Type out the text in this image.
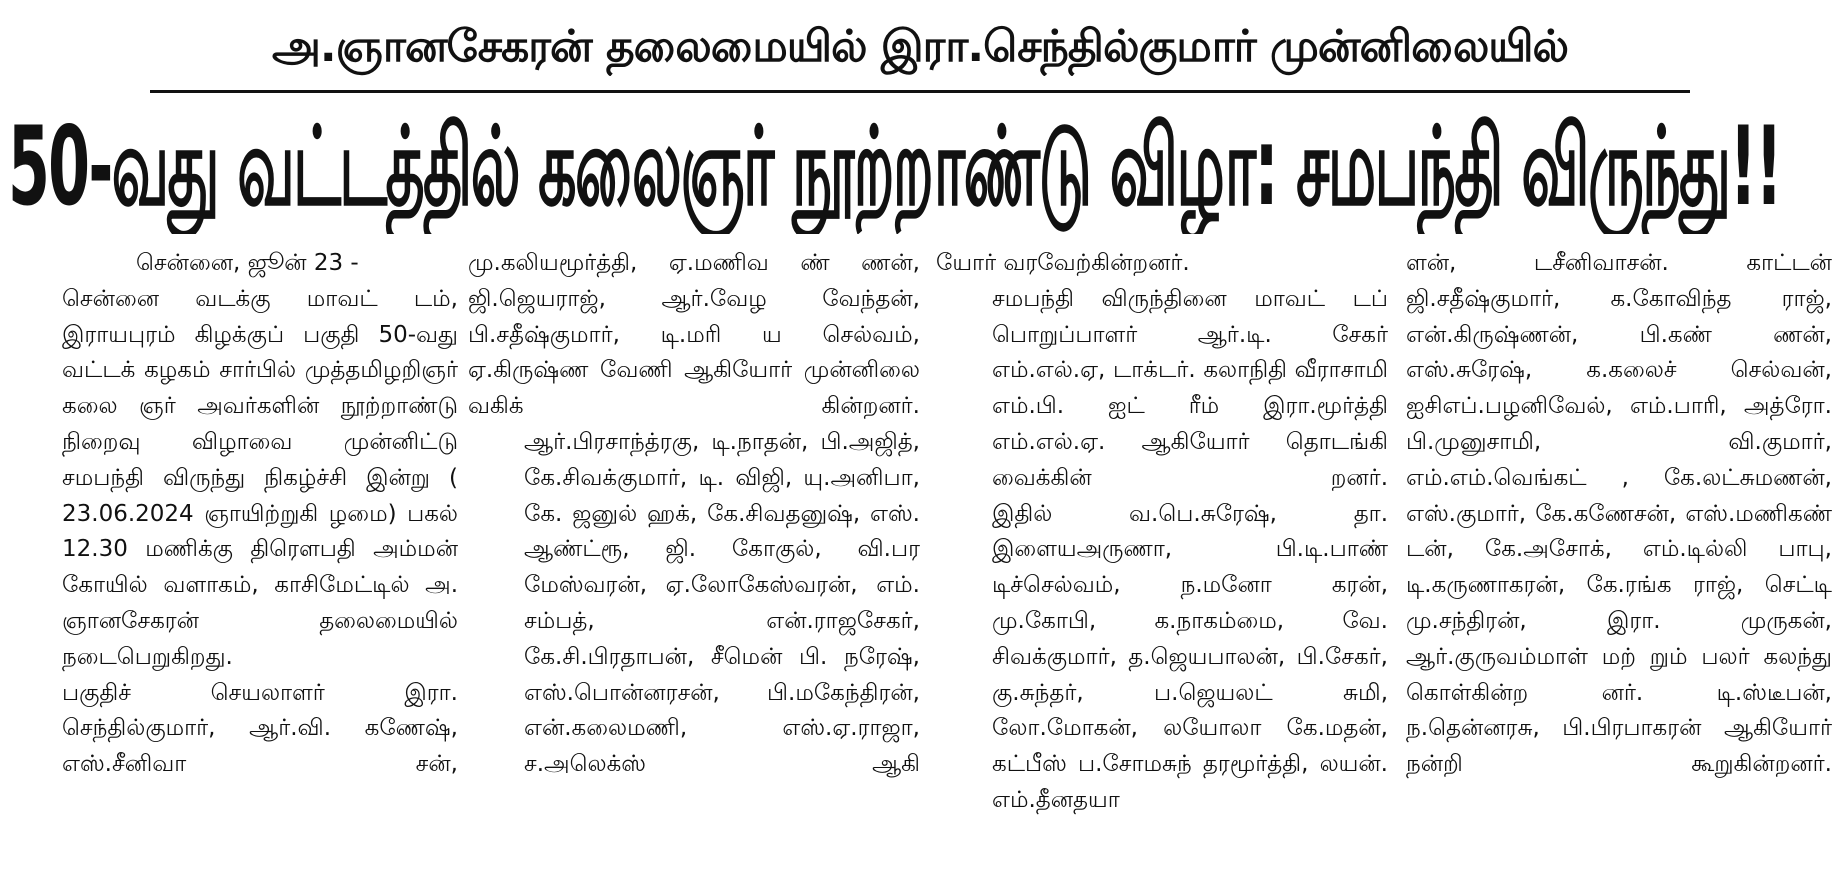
அ.ஞானசேகரன் தலைமையில் இரா.செந்தில்குமார் முன்னிலையில்
50-வது வட்டத்தில் கலைஞர் நூற்றாண்டு விழா: சமபந்தி விருந்து!!

சென்னை, ஜூன் 23 -

சென்னை வடக்கு மாவட் டம், இராயபுரம் கிழக்குப் பகுதி 50-வது வட்டக் கழகம் சார்பில் முத்தமிழறிஞர் கலை ஞர் அவர்களின் நூற்றாண்டு நிறைவு விழாவை முன்னிட்டு சமபந்தி விருந்து நிகழ்ச்சி இன்று ( 23.06.2024 ஞாயிற்றுகி ழமை) பகல் 12.30 மணிக்கு திரௌபதி அம்மன் கோயில் வளாகம், காசிமேட்டில் அ. ஞானசேகரன் தலைமையில் நடைபெறுகிறது.

பகுதிச் செயலாளர் இரா. செந்தில்குமார், ஆர்.வி. கணேஷ், எஸ்.சீனிவா சன்,

மு.கலியமூர்த்தி, ஏ.மணிவ ண் ணன், ஜி.ஜெயராஜ், ஆர்.வேழ வேந்தன், பி.சதீஷ்குமார், டி.மரி ய செல்வம், ஏ.கிருஷ்ண வேணி ஆகியோர் முன்னிலை வகிக் கின்றனர்.

ஆர்.பிரசாந்த்ரகு, டி.நாதன், பி.அஜித், கே.சிவக்குமார், டி. விஜி, யு.அனிபா, கே. ஜனுல் ஹக், கே.சிவதனுஷ், எஸ். ஆண்ட்ரூ, ஜி. கோகுல், வி.பர மேஸ்வரன், ஏ.லோகேஸ்வரன், எம். சம்பத், என்.ராஜசேகர், கே.சி.பிரதாபன், சீமென் பி. நரேஷ், எஸ்.பொன்னரசன், பி.மகேந்திரன், என்.கலைமணி, எஸ்.ஏ.ராஜா, ச.அலெக்ஸ் ஆகி

யோர் வரவேற்கின்றனர்.

சமபந்தி விருந்தினை மாவட் டப் பொறுப்பாளர் ஆர்.டி. சேகர் எம்.எல்.ஏ, டாக்டர். கலாநிதி வீராசாமி எம்.பி. ஐட் ரீம் இரா.மூர்த்தி எம்.எல்.ஏ. ஆகியோர் தொடங்கி வைக்கின் றனர்.

இதில் வ.பெ.சுரேஷ், தா. இளையஅருணா, பி.டி.பாண் டிச்செல்வம், ந.மனோ கரன், மு.கோபி, க.நாகம்மை, வே. சிவக்குமார், த.ஜெயபாலன், பி.சேகர், கு.சுந்தர், ப.ஜெயலட் சுமி, லோ.மோகன், லயோலா கே.மதன், கட்பீஸ் ப.சோமசுந் தரமூர்த்தி, லயன். எம்.தீனதயா

ளன், டசீனிவாசன். காட்டன் ஜி.சதீஷ்குமார், க.கோவிந்த ராஜ், என்.கிருஷ்ணன், பி.கண் ணன், எஸ்.சுரேஷ், க.கலைச் செல்வன், ஐசிஎப்.பழனிவேல், எம்.பாரி, அத்ரோ. பி.முனுசாமி, வி.குமார், எம்.எம்.வெங்கட் , கே.லட்சுமணன், எஸ்.குமார், கே.கணேசன், எஸ்.மணிகண் டன், கே.அசோக், எம்.டில்லி பாபு, டி.கருணாகரன், கே.ரங்க ராஜ், செட்டி மு.சந்திரன், இரா. முருகன், ஆர்.குருவம்மாள் மற் றும் பலர் கலந்து கொள்கின்ற னர். டி.ஸ்டீபன், ந.தென்னரசு, பி.பிரபாகரன் ஆகியோர் நன்றி கூறுகின்றனர்.
